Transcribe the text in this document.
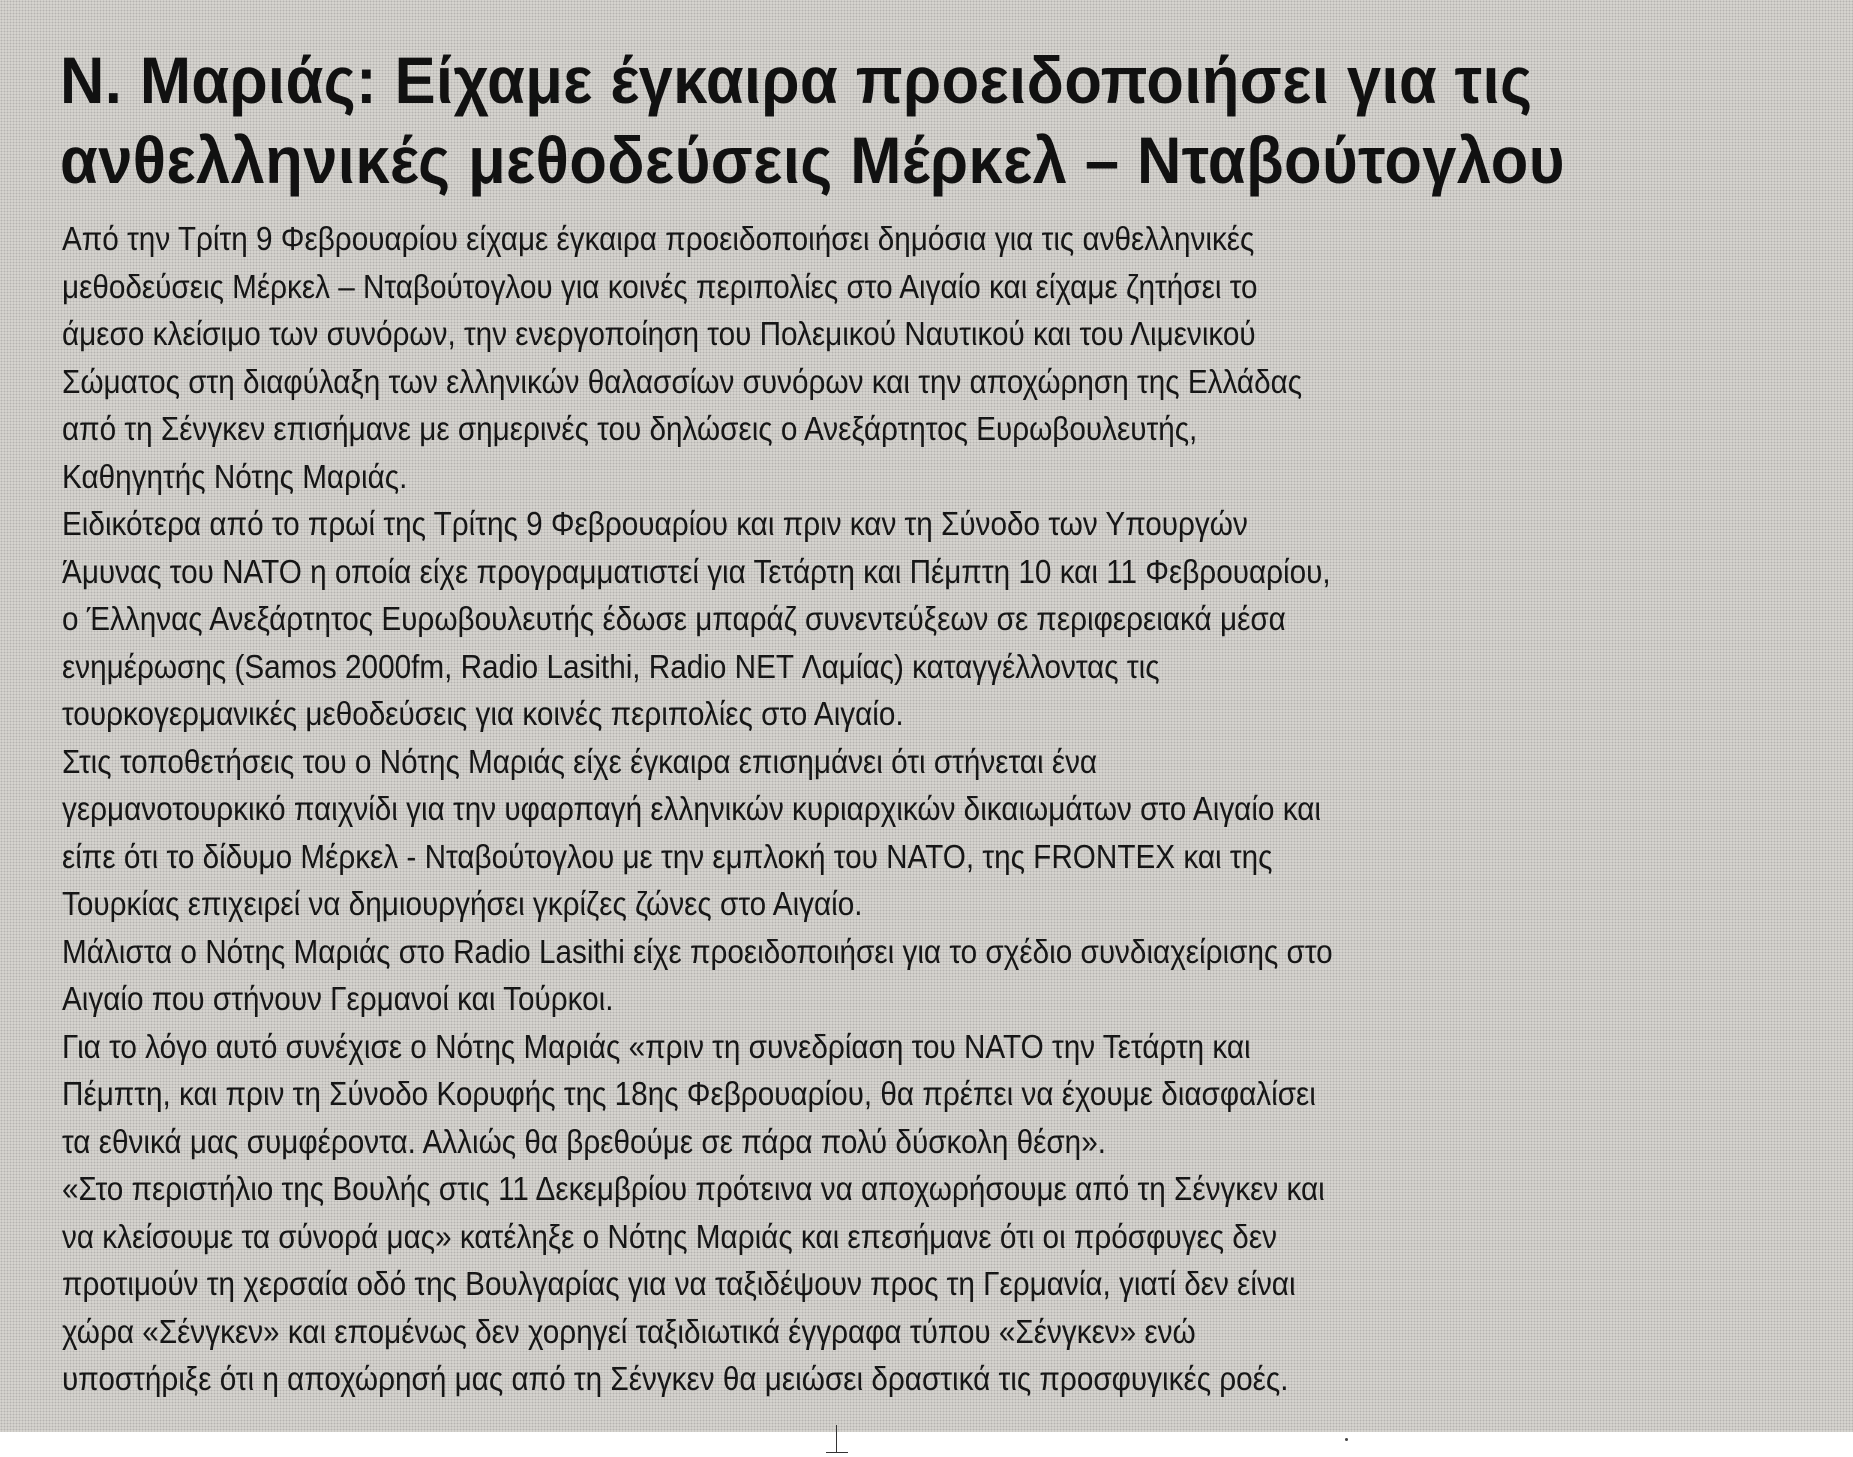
Ν. Μαριάς: Είχαμε έγκαιρα προειδοποιήσει για τις
ανθελληνικές μεθοδεύσεις Μέρκελ – Νταβούτογλου
Από την Τρίτη 9 Φεβρουαρίου είχαμε έγκαιρα προειδοποιήσει δημόσια για τις ανθελληνικές
μεθοδεύσεις Μέρκελ – Νταβούτογλου για κοινές περιπολίες στο Αιγαίο και είχαμε ζητήσει το
άμεσο κλείσιμο των συνόρων, την ενεργοποίηση του Πολεμικού Ναυτικού και του Λιμενικού
Σώματος στη διαφύλαξη των ελληνικών θαλασσίων συνόρων και την αποχώρηση της Ελλάδας
από τη Σένγκεν επισήμανε με σημερινές του δηλώσεις ο Ανεξάρτητος Ευρωβουλευτής,
Καθηγητής Νότης Μαριάς.
Ειδικότερα από το πρωί της Τρίτης 9 Φεβρουαρίου και πριν καν τη Σύνοδο των Υπουργών
Άμυνας του ΝΑΤΟ η οποία είχε προγραμματιστεί για Τετάρτη και Πέμπτη 10 και 11 Φεβρουαρίου,
ο Έλληνας Ανεξάρτητος Ευρωβουλευτής έδωσε μπαράζ συνεντεύξεων σε περιφερειακά μέσα
ενημέρωσης (Samos 2000fm, Radio Lasithi, Radio NET Λαμίας) καταγγέλλοντας τις
τουρκογερμανικές μεθοδεύσεις για κοινές περιπολίες στο Αιγαίο.
Στις τοποθετήσεις του ο Νότης Μαριάς είχε έγκαιρα επισημάνει ότι στήνεται ένα
γερμανοτουρκικό παιχνίδι για την υφαρπαγή ελληνικών κυριαρχικών δικαιωμάτων στο Αιγαίο και
είπε ότι το δίδυμο Μέρκελ - Νταβούτογλου με την εμπλοκή του ΝΑΤΟ, της FRONTEX και της
Τουρκίας επιχειρεί να δημιουργήσει γκρίζες ζώνες στο Αιγαίο.
Μάλιστα ο Νότης Μαριάς στο Radio Lasithi είχε προειδοποιήσει για το σχέδιο συνδιαχείρισης στο
Αιγαίο που στήνουν Γερμανοί και Τούρκοι.
Για το λόγο αυτό συνέχισε ο Νότης Μαριάς «πριν τη συνεδρίαση του ΝΑΤΟ την Τετάρτη και
Πέμπτη, και πριν τη Σύνοδο Κορυφής της 18ης Φεβρουαρίου, θα πρέπει να έχουμε διασφαλίσει
τα εθνικά μας συμφέροντα. Αλλιώς θα βρεθούμε σε πάρα πολύ δύσκολη θέση».
«Στο περιστήλιο της Βουλής στις 11 Δεκεμβρίου πρότεινα να αποχωρήσουμε από τη Σένγκεν και
να κλείσουμε τα σύνορά μας» κατέληξε ο Νότης Μαριάς και επεσήμανε ότι οι πρόσφυγες δεν
προτιμούν τη χερσαία οδό της Βουλγαρίας για να ταξιδέψουν προς τη Γερμανία, γιατί δεν είναι
χώρα «Σένγκεν» και επομένως δεν χορηγεί ταξιδιωτικά έγγραφα τύπου «Σένγκεν» ενώ
υποστήριξε ότι η αποχώρησή μας από τη Σένγκεν θα μειώσει δραστικά τις προσφυγικές ροές.
